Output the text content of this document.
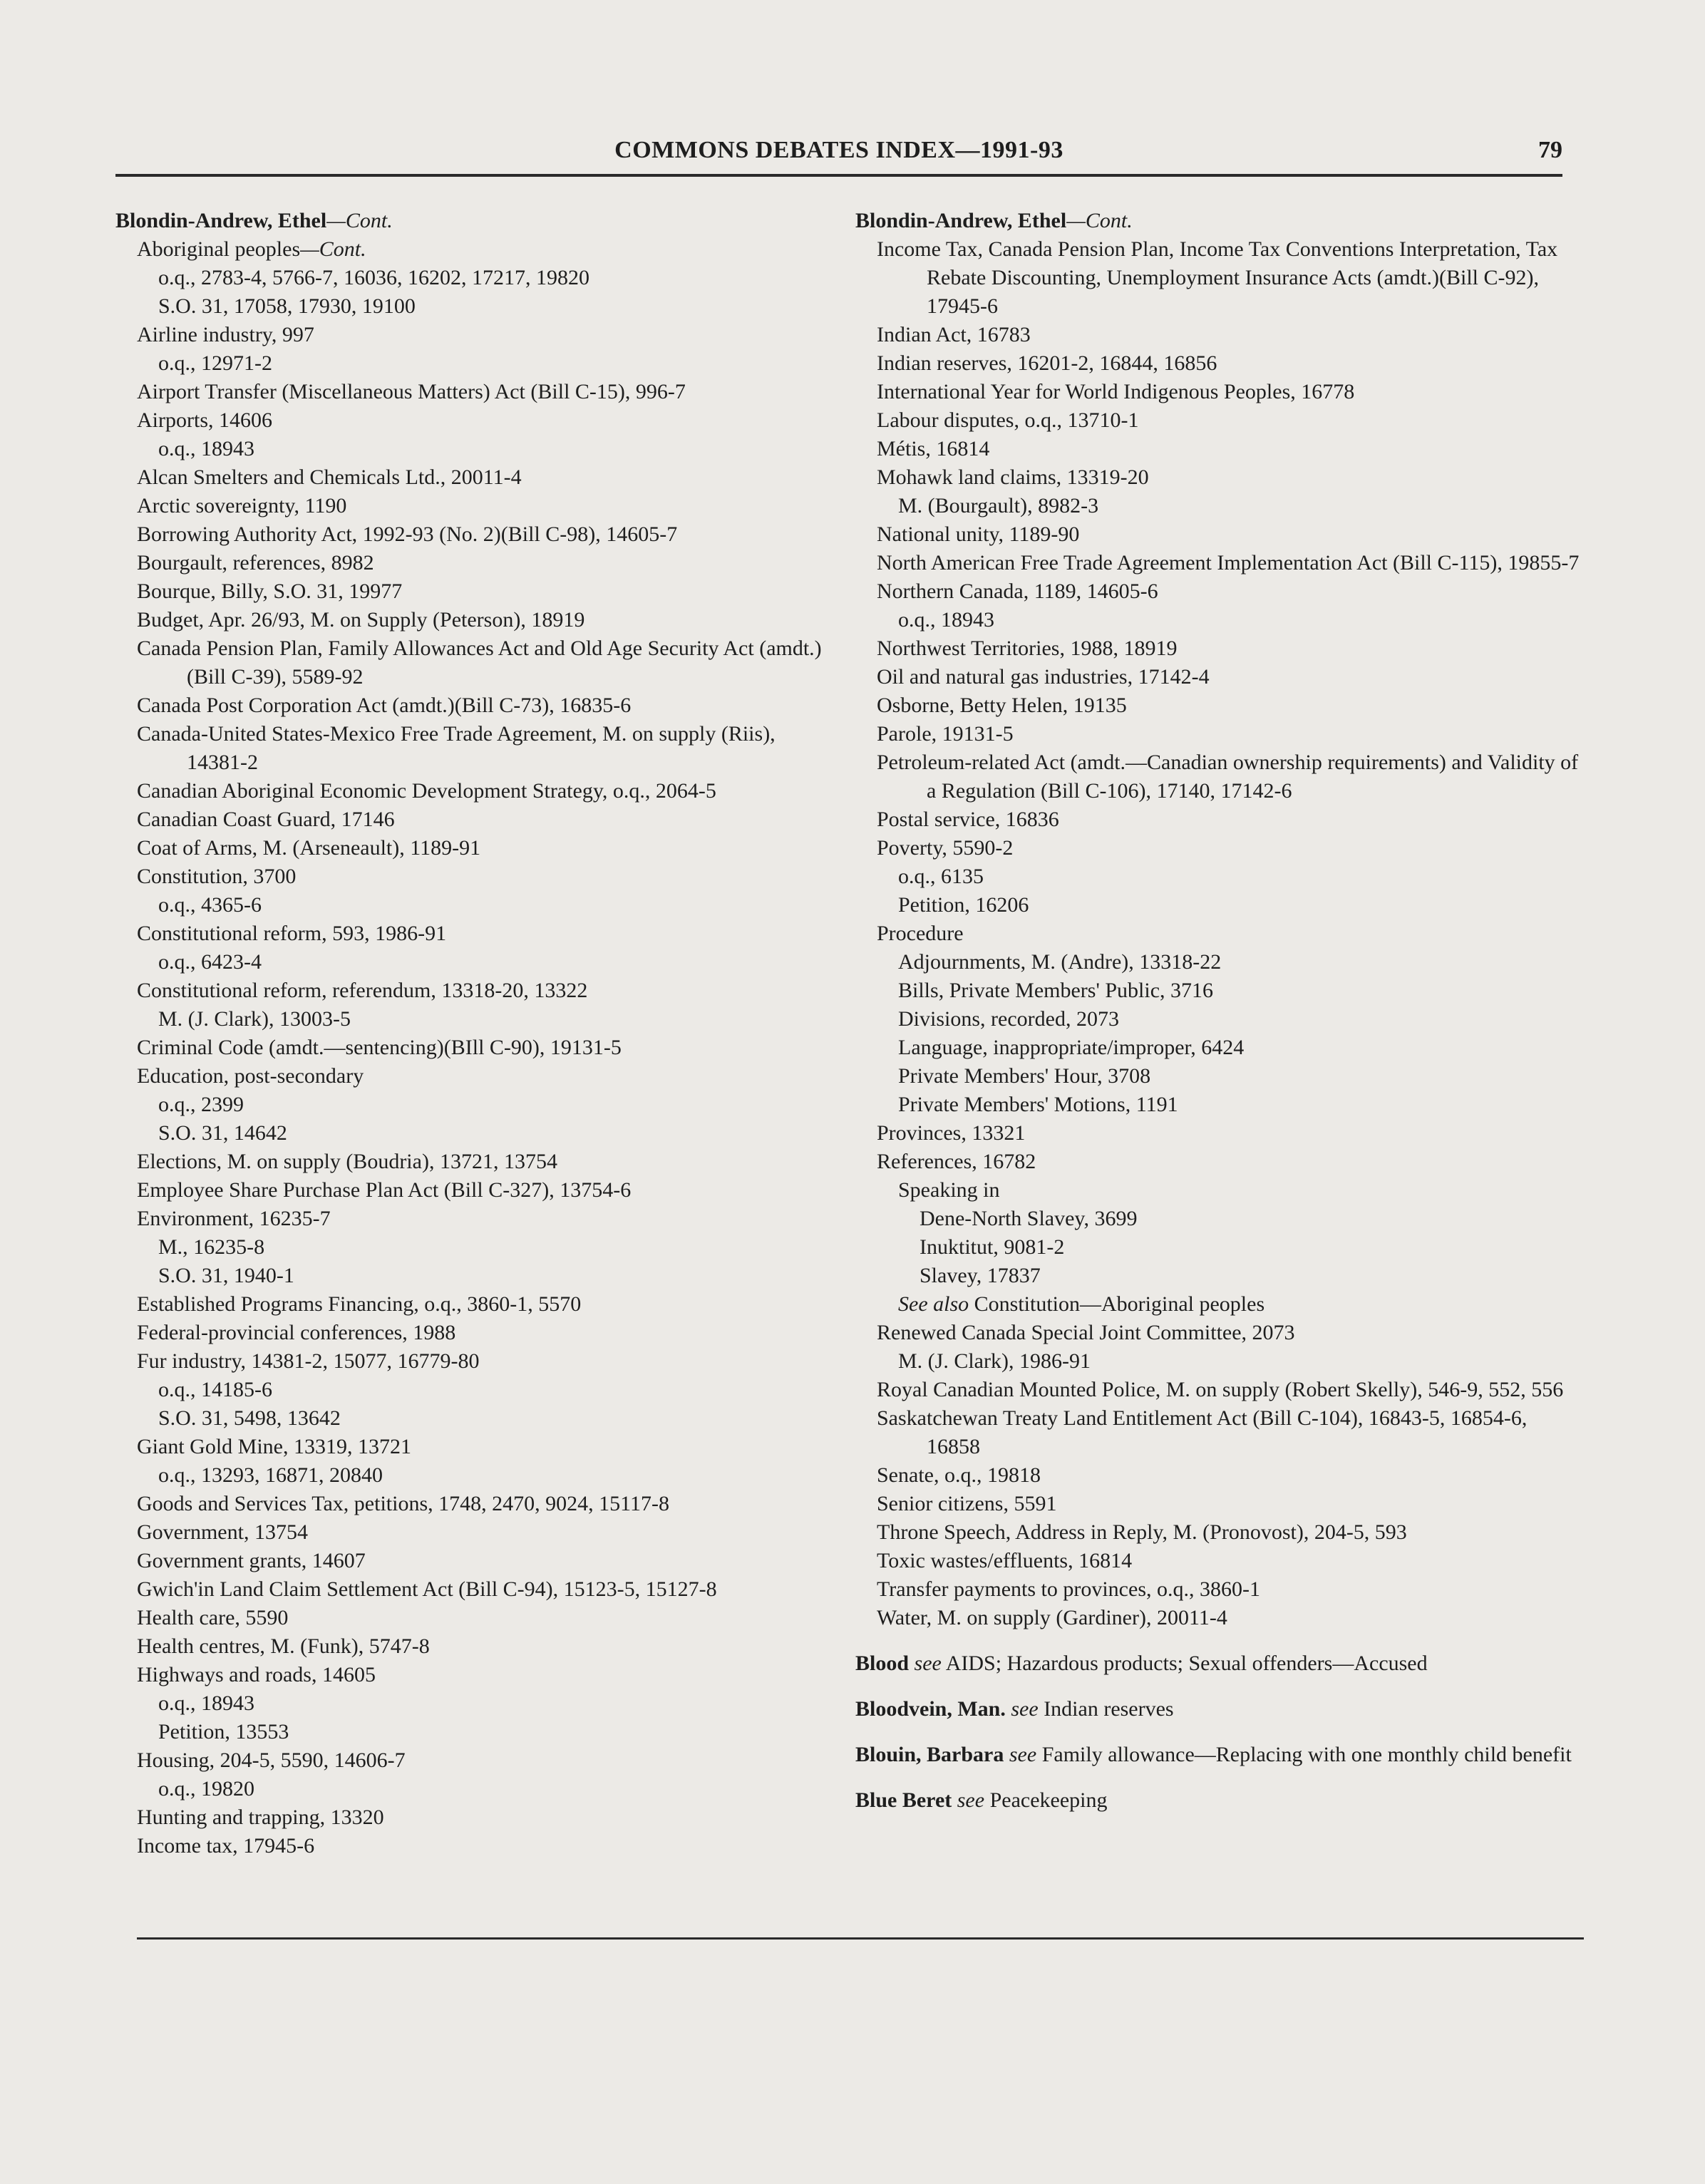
COMMONS DEBATES INDEX—1991-93	79
Blondin-Andrew, Ethel—Cont.
Aboriginal peoples—Cont.
o.q., 2783-4, 5766-7, 16036, 16202, 17217, 19820
S.O. 31, 17058, 17930, 19100
Airline industry, 997
o.q., 12971-2
Airport Transfer (Miscellaneous Matters) Act (Bill C-15), 996-7
Airports, 14606
o.q., 18943
Alcan Smelters and Chemicals Ltd., 20011-4
Arctic sovereignty, 1190
Borrowing Authority Act, 1992-93 (No. 2)(Bill C-98), 14605-7
Bourgault, references, 8982
Bourque, Billy, S.O. 31, 19977
Budget, Apr. 26/93, M. on Supply (Peterson), 18919
Canada Pension Plan, Family Allowances Act and Old Age Security Act (amdt.)(Bill C-39), 5589-92
Canada Post Corporation Act (amdt.)(Bill C-73), 16835-6
Canada-United States-Mexico Free Trade Agreement, M. on supply (Riis), 14381-2
Canadian Aboriginal Economic Development Strategy, o.q., 2064-5
Canadian Coast Guard, 17146
Coat of Arms, M. (Arseneault), 1189-91
Constitution, 3700
o.q., 4365-6
Constitutional reform, 593, 1986-91
o.q., 6423-4
Constitutional reform, referendum, 13318-20, 13322
M. (J. Clark), 13003-5
Criminal Code (amdt.—sentencing)(BIll C-90), 19131-5
Education, post-secondary
o.q., 2399
S.O. 31, 14642
Elections, M. on supply (Boudria), 13721, 13754
Employee Share Purchase Plan Act (Bill C-327), 13754-6
Environment, 16235-7
M., 16235-8
S.O. 31, 1940-1
Established Programs Financing, o.q., 3860-1, 5570
Federal-provincial conferences, 1988
Fur industry, 14381-2, 15077, 16779-80
o.q., 14185-6
S.O. 31, 5498, 13642
Giant Gold Mine, 13319, 13721
o.q., 13293, 16871, 20840
Goods and Services Tax, petitions, 1748, 2470, 9024, 15117-8
Government, 13754
Government grants, 14607
Gwich'in Land Claim Settlement Act (Bill C-94), 15123-5, 15127-8
Health care, 5590
Health centres, M. (Funk), 5747-8
Highways and roads, 14605
o.q., 18943
Petition, 13553
Housing, 204-5, 5590, 14606-7
o.q., 19820
Hunting and trapping, 13320
Income tax, 17945-6
Blondin-Andrew, Ethel—Cont.
Income Tax, Canada Pension Plan, Income Tax Conventions Interpretation, Tax Rebate Discounting, Unemployment Insurance Acts (amdt.)(Bill C-92), 17945-6
Indian Act, 16783
Indian reserves, 16201-2, 16844, 16856
International Year for World Indigenous Peoples, 16778
Labour disputes, o.q., 13710-1
Métis, 16814
Mohawk land claims, 13319-20
M. (Bourgault), 8982-3
National unity, 1189-90
North American Free Trade Agreement Implementation Act (Bill C-115), 19855-7
Northern Canada, 1189, 14605-6
o.q., 18943
Northwest Territories, 1988, 18919
Oil and natural gas industries, 17142-4
Osborne, Betty Helen, 19135
Parole, 19131-5
Petroleum-related Act (amdt.—Canadian ownership requirements) and Validity of a Regulation (Bill C-106), 17140, 17142-6
Postal service, 16836
Poverty, 5590-2
o.q., 6135
Petition, 16206
Procedure
Adjournments, M. (Andre), 13318-22
Bills, Private Members' Public, 3716
Divisions, recorded, 2073
Language, inappropriate/improper, 6424
Private Members' Hour, 3708
Private Members' Motions, 1191
Provinces, 13321
References, 16782
Speaking in
Dene-North Slavey, 3699
Inuktitut, 9081-2
Slavey, 17837
See also Constitution—Aboriginal peoples
Renewed Canada Special Joint Committee, 2073
M. (J. Clark), 1986-91
Royal Canadian Mounted Police, M. on supply (Robert Skelly), 546-9, 552, 556
Saskatchewan Treaty Land Entitlement Act (Bill C-104), 16843-5, 16854-6, 16858
Senate, o.q., 19818
Senior citizens, 5591
Throne Speech, Address in Reply, M. (Pronovost), 204-5, 593
Toxic wastes/effluents, 16814
Transfer payments to provinces, o.q., 3860-1
Water, M. on supply (Gardiner), 20011-4
Blood see AIDS; Hazardous products; Sexual offenders—Accused
Bloodvein, Man. see Indian reserves
Blouin, Barbara see Family allowance—Replacing with one monthly child benefit
Blue Beret see Peacekeeping
